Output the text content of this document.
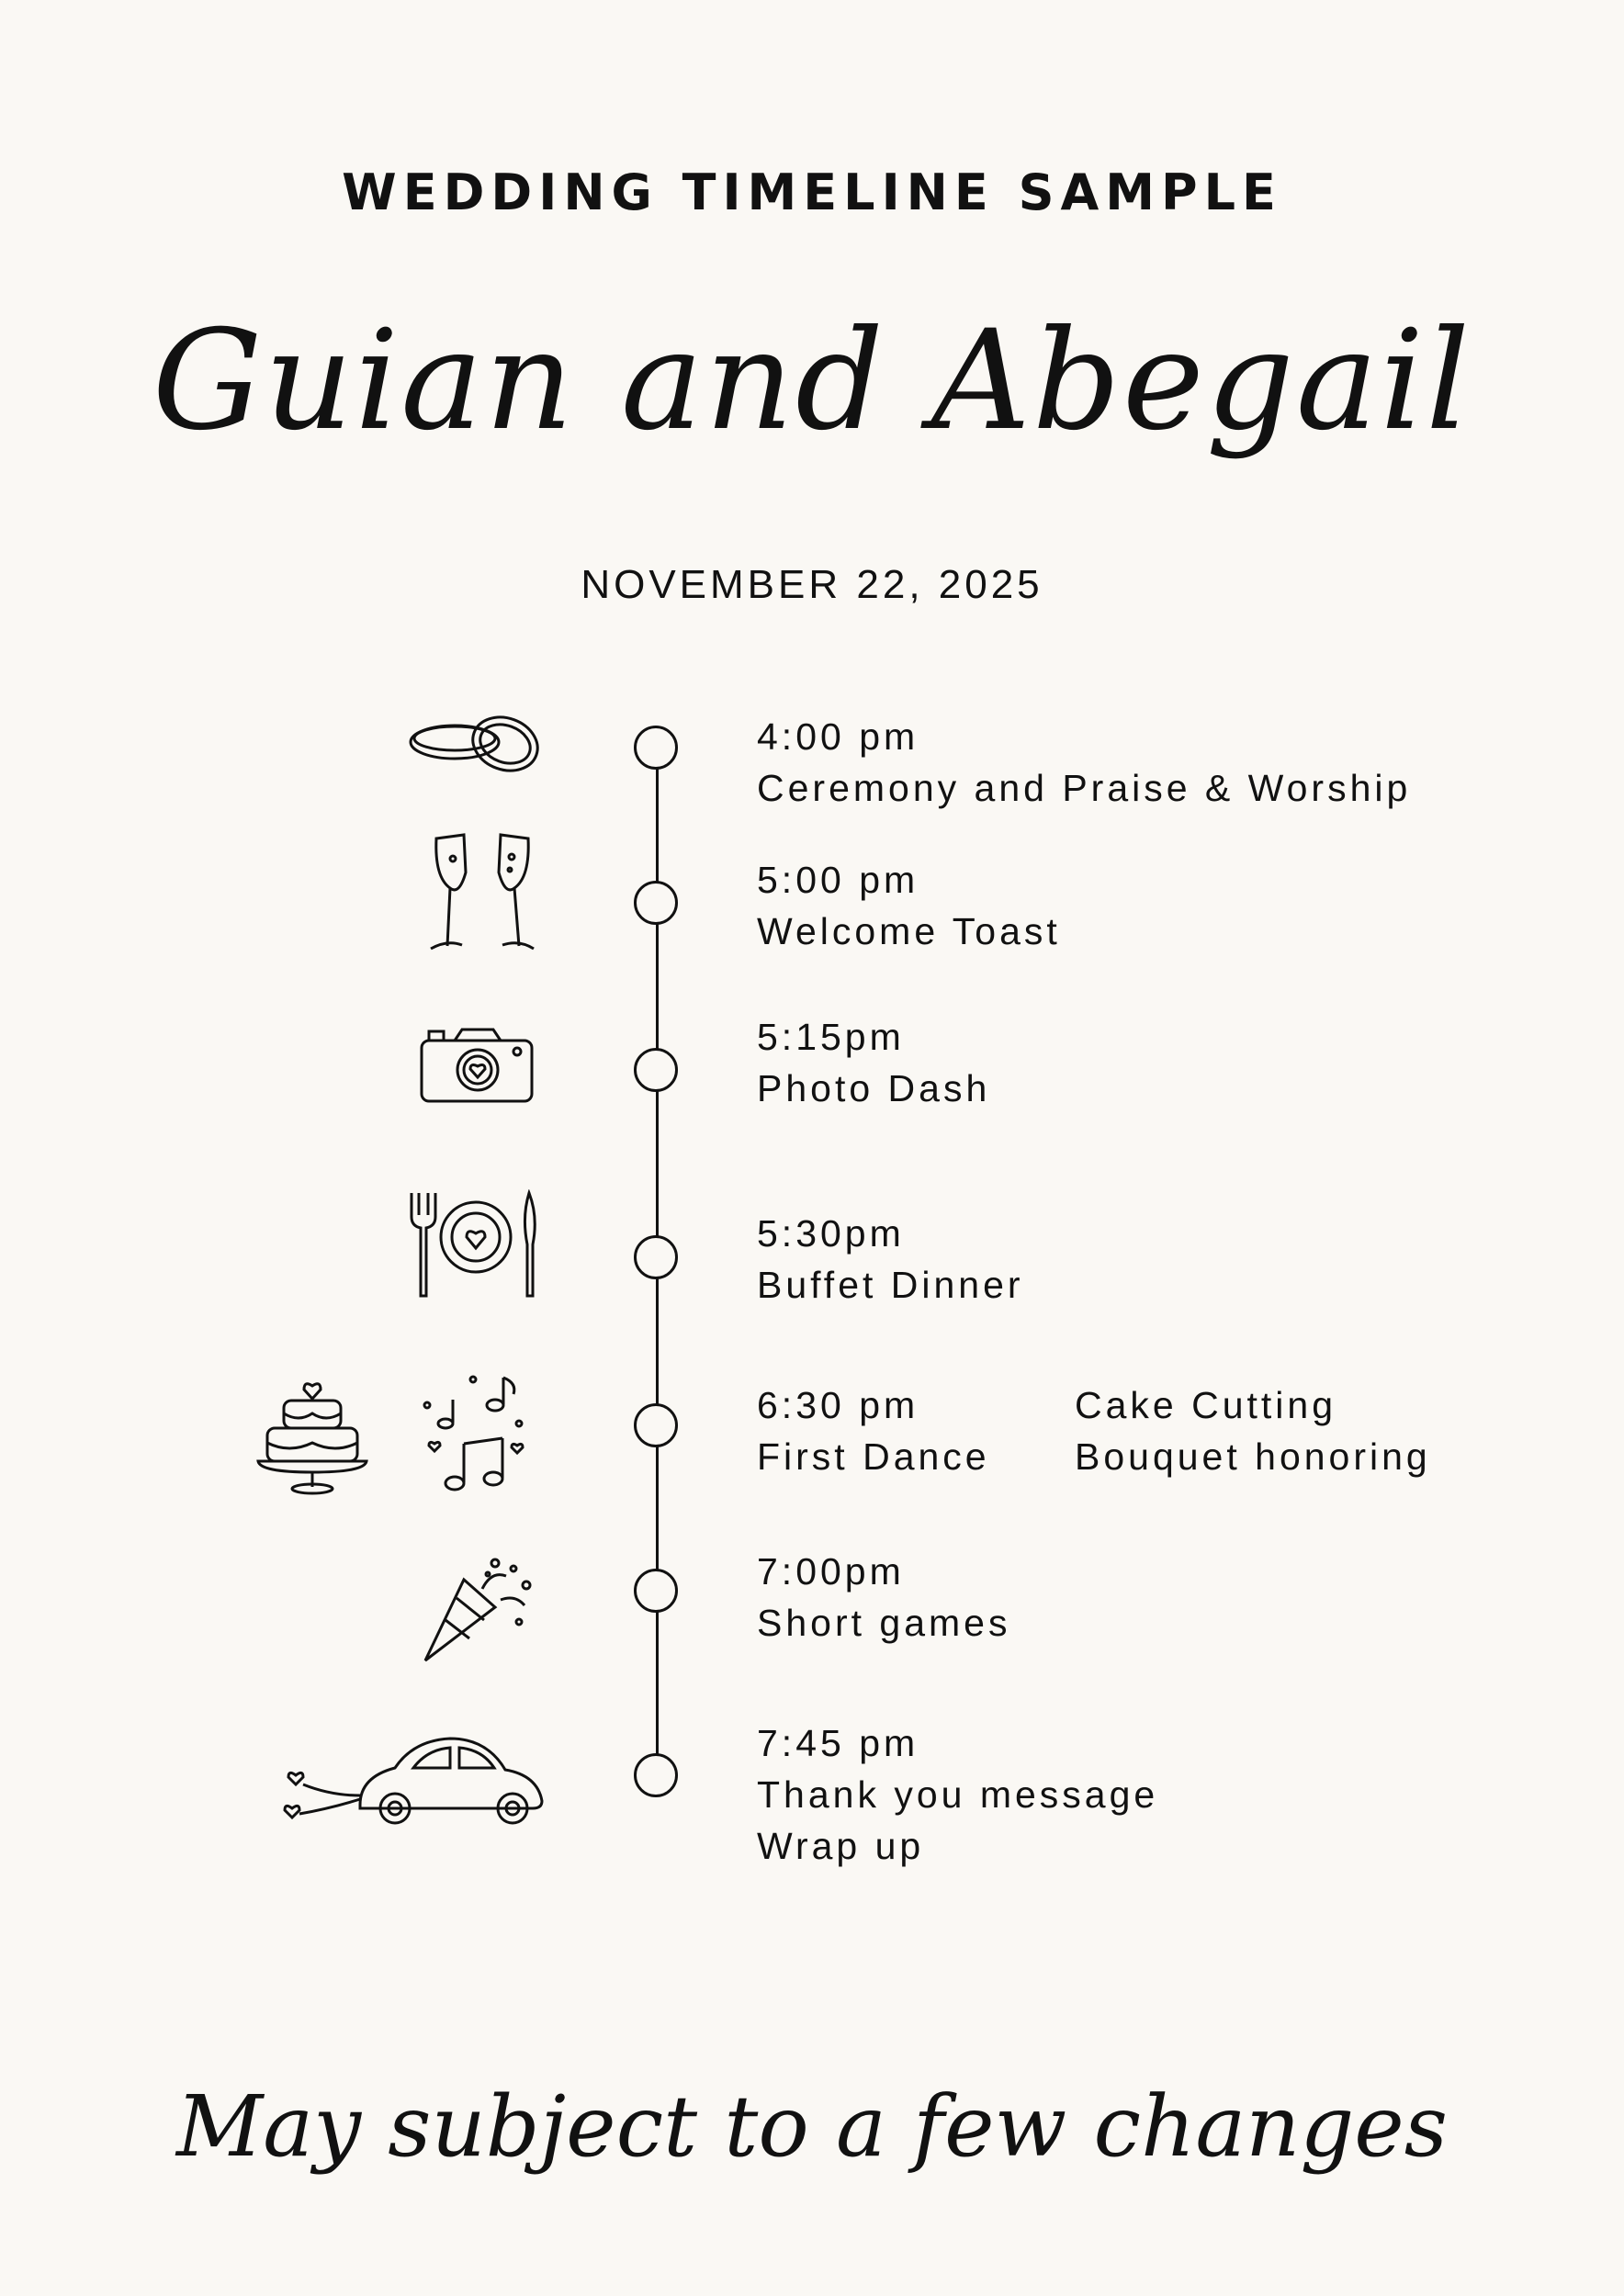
WEDDING TIMELINE SAMPLE
Guian and Abegail
NOVEMBER 22, 2025
4:00 pm
Ceremony and Praise & Worship
5:00 pm
Welcome Toast
5:15pm
Photo Dash
5:30pm
Buffet Dinner
6:30 pm
First Dance
Cake Cutting
Bouquet honoring
7:00pm
Short games
7:45 pm
Thank you message
Wrap up
May subject to a few changes
